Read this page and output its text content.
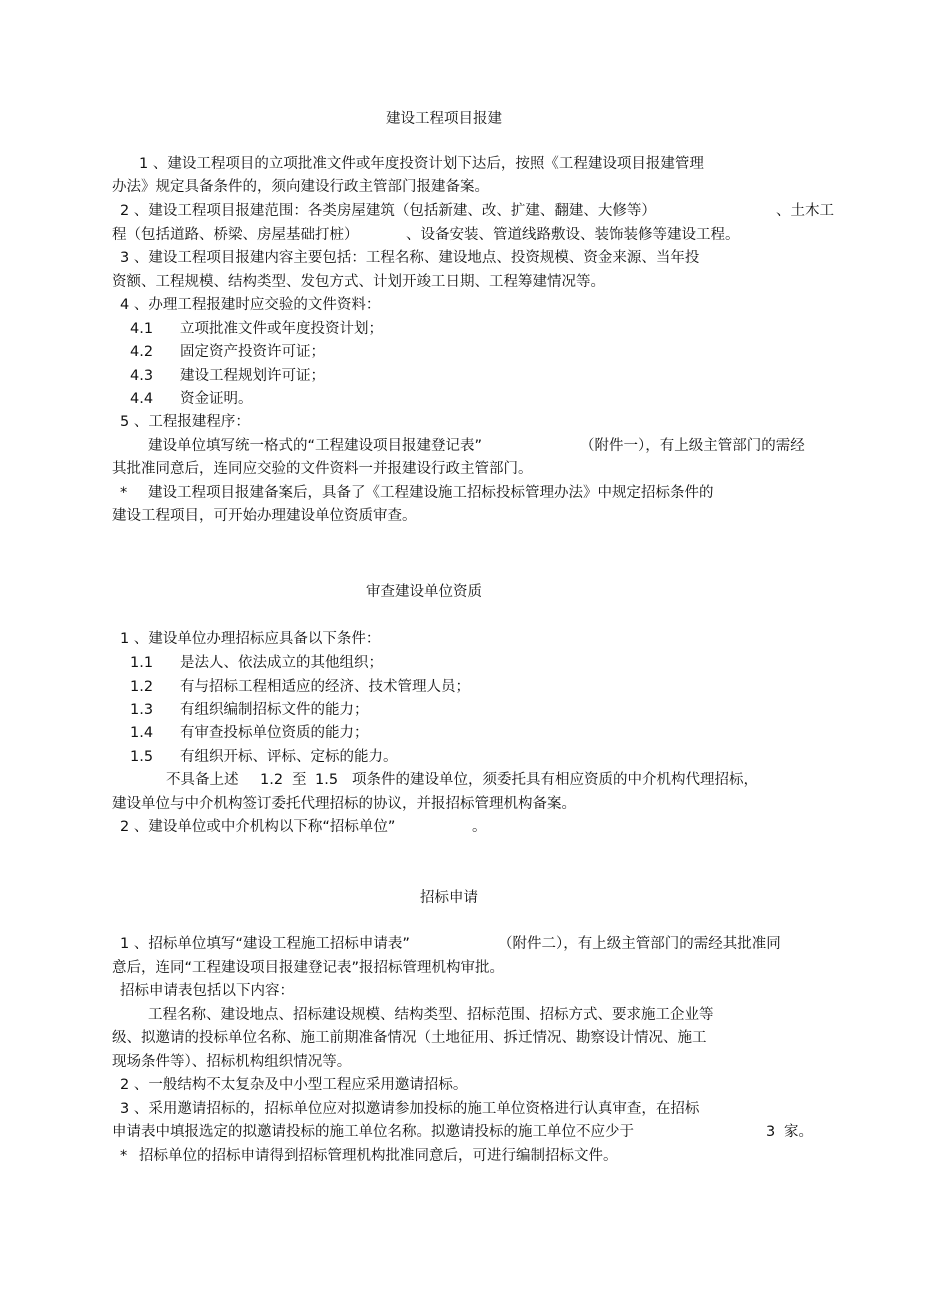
建设工程项目报建
1 、建设工程项目的立项批准文件或年度投资计划下达后，按照《工程建设项目报建管理
办法》规定具备条件的，须向建设行政主管部门报建备案。
2 、建设工程项目报建范围：各类房屋建筑（包括新建、改、扩建、翻建、大修等）	、土木工
程（包括道路、桥梁、房屋基础打桩）	、设备安装、管道线路敷设、装饰装修等建设工程。
3 、建设工程项目报建内容主要包括：工程名称、建设地点、投资规模、资金来源、当年投
资额、工程规模、结构类型、发包方式、计划开竣工日期、工程筹建情况等。
4 、办理工程报建时应交验的文件资料：
4.1 立项批准文件或年度投资计划；
4.2 固定资产投资许可证；
4.3 建设工程规划许可证；
4.4 资金证明。
5 、工程报建程序：
建设单位填写统一格式的“工程建设项目报建登记表”	（附件一），有上级主管部门的需经
其批准同意后，连同应交验的文件资料一并报建设行政主管部门。
* 建设工程项目报建备案后，具备了《工程建设施工招标投标管理办法》中规定招标条件的
建设工程项目，可开始办理建设单位资质审查。
审查建设单位资质
1 、建设单位办理招标应具备以下条件：
1.1 是法人、依法成立的其他组织；
1.2 有与招标工程相适应的经济、技术管理人员；
1.3 有组织编制招标文件的能力；
1.4 有审查投标单位资质的能力；
1.5 有组织开标、评标、定标的能力。
不具备上述 1.2 至 1.5 项条件的建设单位，须委托具有相应资质的中介机构代理招标，
建设单位与中介机构签订委托代理招标的协议，并报招标管理机构备案。
2 、建设单位或中介机构以下称“招标单位”	。
招标申请
1 、招标单位填写“建设工程施工招标申请表”	（附件二），有上级主管部门的需经其批准同
意后，连同“工程建设项目报建登记表”报招标管理机构审批。
招标申请表包括以下内容：
工程名称、建设地点、招标建设规模、结构类型、招标范围、招标方式、要求施工企业等
级、拟邀请的投标单位名称、施工前期准备情况（土地征用、拆迁情况、勘察设计情况、施工
现场条件等）、招标机构组织情况等。
2 、一般结构不太复杂及中小型工程应采用邀请招标。
3 、采用邀请招标的，招标单位应对拟邀请参加投标的施工单位资格进行认真审查，在招标
申请表中填报选定的拟邀请投标的施工单位名称。拟邀请投标的施工单位不应少于	3 家。
* 招标单位的招标申请得到招标管理机构批准同意后，可进行编制招标文件。
